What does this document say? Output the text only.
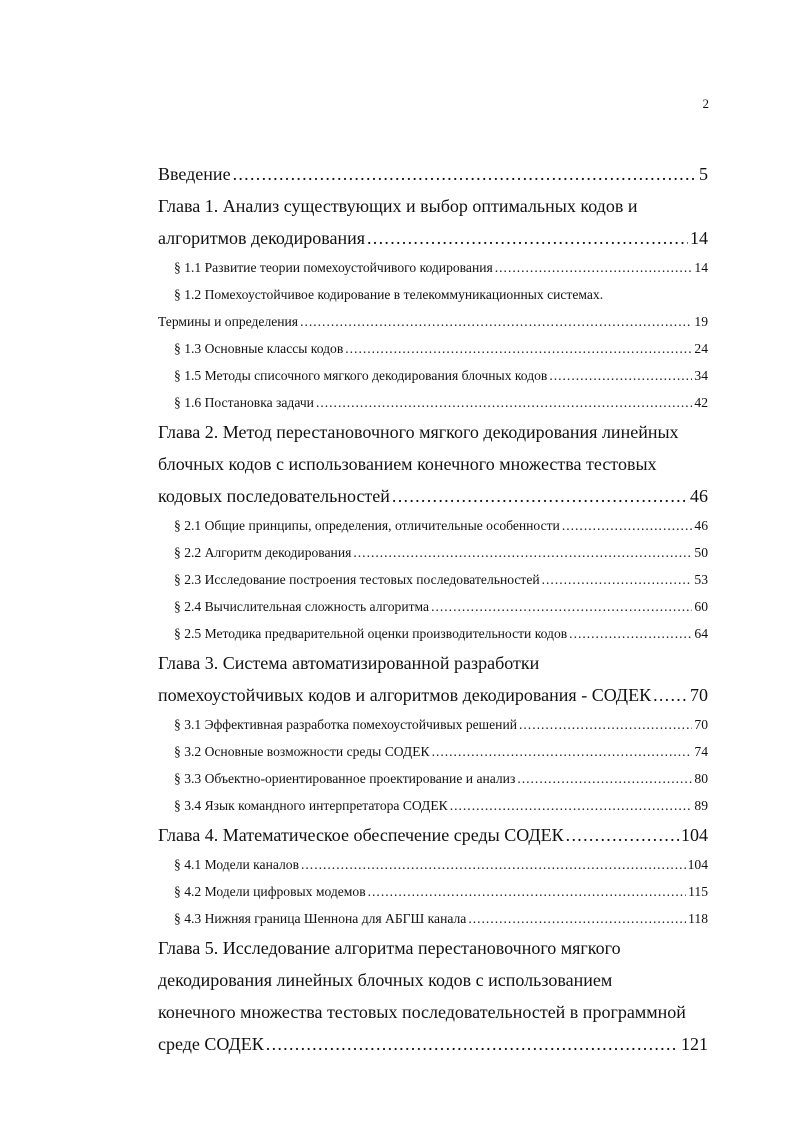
2
Введение . . .	5
Глава 1. Анализ существующих и выбор оптимальных кодов и
алгоритмов декодирования . . .	14
§ 1.1 Развитие теории помехоустойчивого кодирования . . .	14
§ 1.2 Помехоустойчивое кодирование в телекоммуникационных системах.
Термины и определения . . .	19
§ 1.3 Основные классы кодов . . .	24
§ 1.5 Методы списочного мягкого декодирования блочных кодов . . .	34
§ 1.6 Постановка задачи . . .	42
Глава 2. Метод перестановочного мягкого декодирования линейных
блочных кодов с использованием конечного множества тестовых
кодовых последовательностей . . .	46
§ 2.1 Общие принципы, определения, отличительные особенности . . .	46
§ 2.2 Алгоритм декодирования . . .	50
§ 2.3 Исследование построения тестовых последовательностей . . .	53
§ 2.4 Вычислительная сложность алгоритма . . .	60
§ 2.5 Методика предварительной оценки производительности кодов . . .	64
Глава 3. Система автоматизированной разработки
помехоустойчивых кодов и алгоритмов декодирования - СОДЕК . . . 70
§ 3.1 Эффективная разработка помехоустойчивых решений . . .	70
§ 3.2 Основные возможности среды СОДЕК . . .	74
§ 3.3 Объектно-ориентированное проектирование и анализ . . .	80
§ 3.4 Язык командного интерпретатора СОДЕК . . .	89
Глава 4. Математическое обеспечение среды СОДЕК . . .	104
§ 4.1 Модели каналов . . .	104
§ 4.2 Модели цифровых модемов . . .	115
§ 4.3 Нижняя граница Шеннона для АБГШ канала . . .	118
Глава 5. Исследование алгоритма перестановочного мягкого
декодирования линейных блочных кодов с использованием
конечного множества тестовых последовательностей в программной
среде СОДЕК . . .	121
